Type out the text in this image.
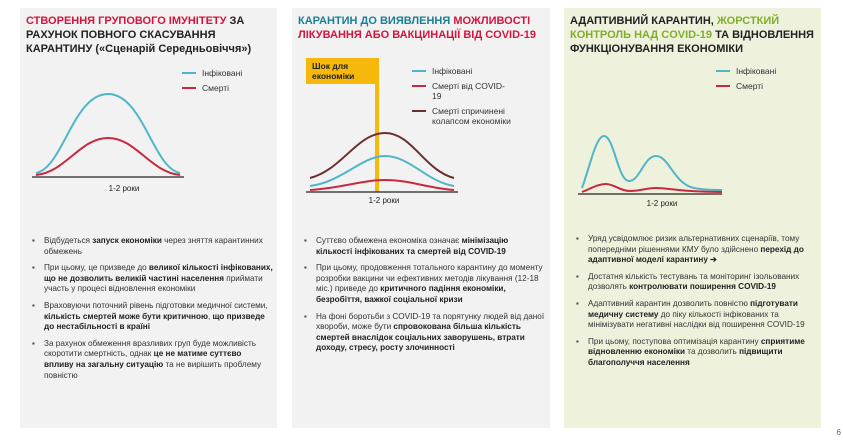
СТВОРЕННЯ ГРУПОВОГО ІМУНІТЕТУ ЗА РАХУНОК ПОВНОГО СКАСУВАННЯ КАРАНТИНУ («Сценарій Середньовіччя»)
1-2 роки
Інфіковані
Смерті
▪ Відбудеться запуск економіки через зняття карантинних обмежень
▪ При цьому, це призведе до великої кількості інфікованих, що не дозволить великій частині населення приймати участь у процесі відновлення економіки
▪ Враховуючи поточний рівень підготовки медичної системи, кількість смертей може бути критичною, що призведе до нестабільності в країні
▪ За рахунок обмеження вразливих груп буде можливість скоротити смертність, однак це не матиме суттєво впливу на загальну ситуацію та не вирішить проблему повністю
КАРАНТИН ДО ВИЯВЛЕННЯ МОЖЛИВОСТІ ЛІКУВАННЯ АБО ВАКЦИНАЦІЇ ВІД COVID-19
Шок для економіки
1-2 роки
Інфіковані
Смерті від COVID-19
Смерті спричинені колапсом економіки
▪ Суттєво обмежена економіка означає мінімізацію кількості інфікованих та смертей від COVID-19
▪ При цьому, продовження тотального карантину до моменту розробки вакцини чи ефективних методів лікування (12-18 міс.) приведе до критичного падіння економіки, безробіття, важкої соціальної кризи
▪ На фоні боротьби з COVID-19 та порятунку людей від даної хвороби, може бути спровокована більша кількість смертей внаслідок соціальних заворушень, втрати доходу, стресу, росту злочинності
АДАПТИВНИЙ КАРАНТИН, ЖОРСТКИЙ КОНТРОЛЬ НАД COVID-19 ТА ВІДНОВЛЕННЯ ФУНКЦІОНУВАННЯ ЕКОНОМІКИ
1-2 роки
Інфіковані
Смерті
▪ Уряд усвідомлює ризик альтернативних сценаріїв, тому попередніми рішеннями КМУ було здійснено перехід до адаптивної моделі карантину ➔
▪ Достатня кількість тестувань та моніторинг ізольованих дозволять контролювати поширення COVID-19
▪ Адаптивний карантин дозволить повністю підготувати медичну систему до піку кількості інфікованих та мінімізувати негативні наслідки від поширення COVID-19
▪ При цьому, поступова оптимізація карантину сприятиме відновленню економіки та дозволить підвищити благополуччя населення
6
